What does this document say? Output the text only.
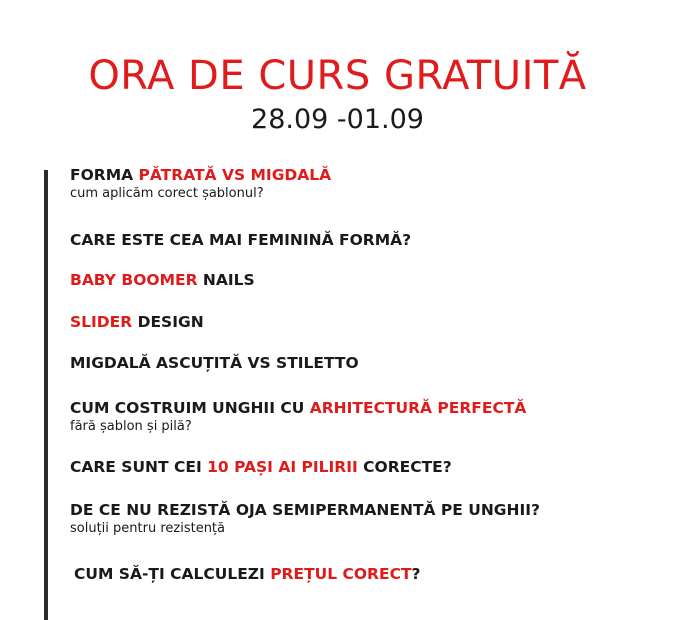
ORA DE CURS GRATUITĂ
28.09 -01.09
FORMA PĂTRATĂ VS MIGDALĂ
cum aplicăm corect șablonul?
CARE ESTE CEA MAI FEMININĂ FORMĂ?
BABY BOOMER NAILS
SLIDER DESIGN
MIGDALĂ ASCUȚITĂ VS STILETTO
CUM COSTRUIM UNGHII CU ARHITECTURĂ PERFECTĂ
fără șablon și pilă?
CARE SUNT CEI 10 PAȘI AI PILIRII CORECTE?
DE CE NU REZISTĂ OJA SEMIPERMANENTĂ PE UNGHII?
soluții pentru rezistență
CUM SĂ-ȚI CALCULEZI PREȚUL CORECT?
